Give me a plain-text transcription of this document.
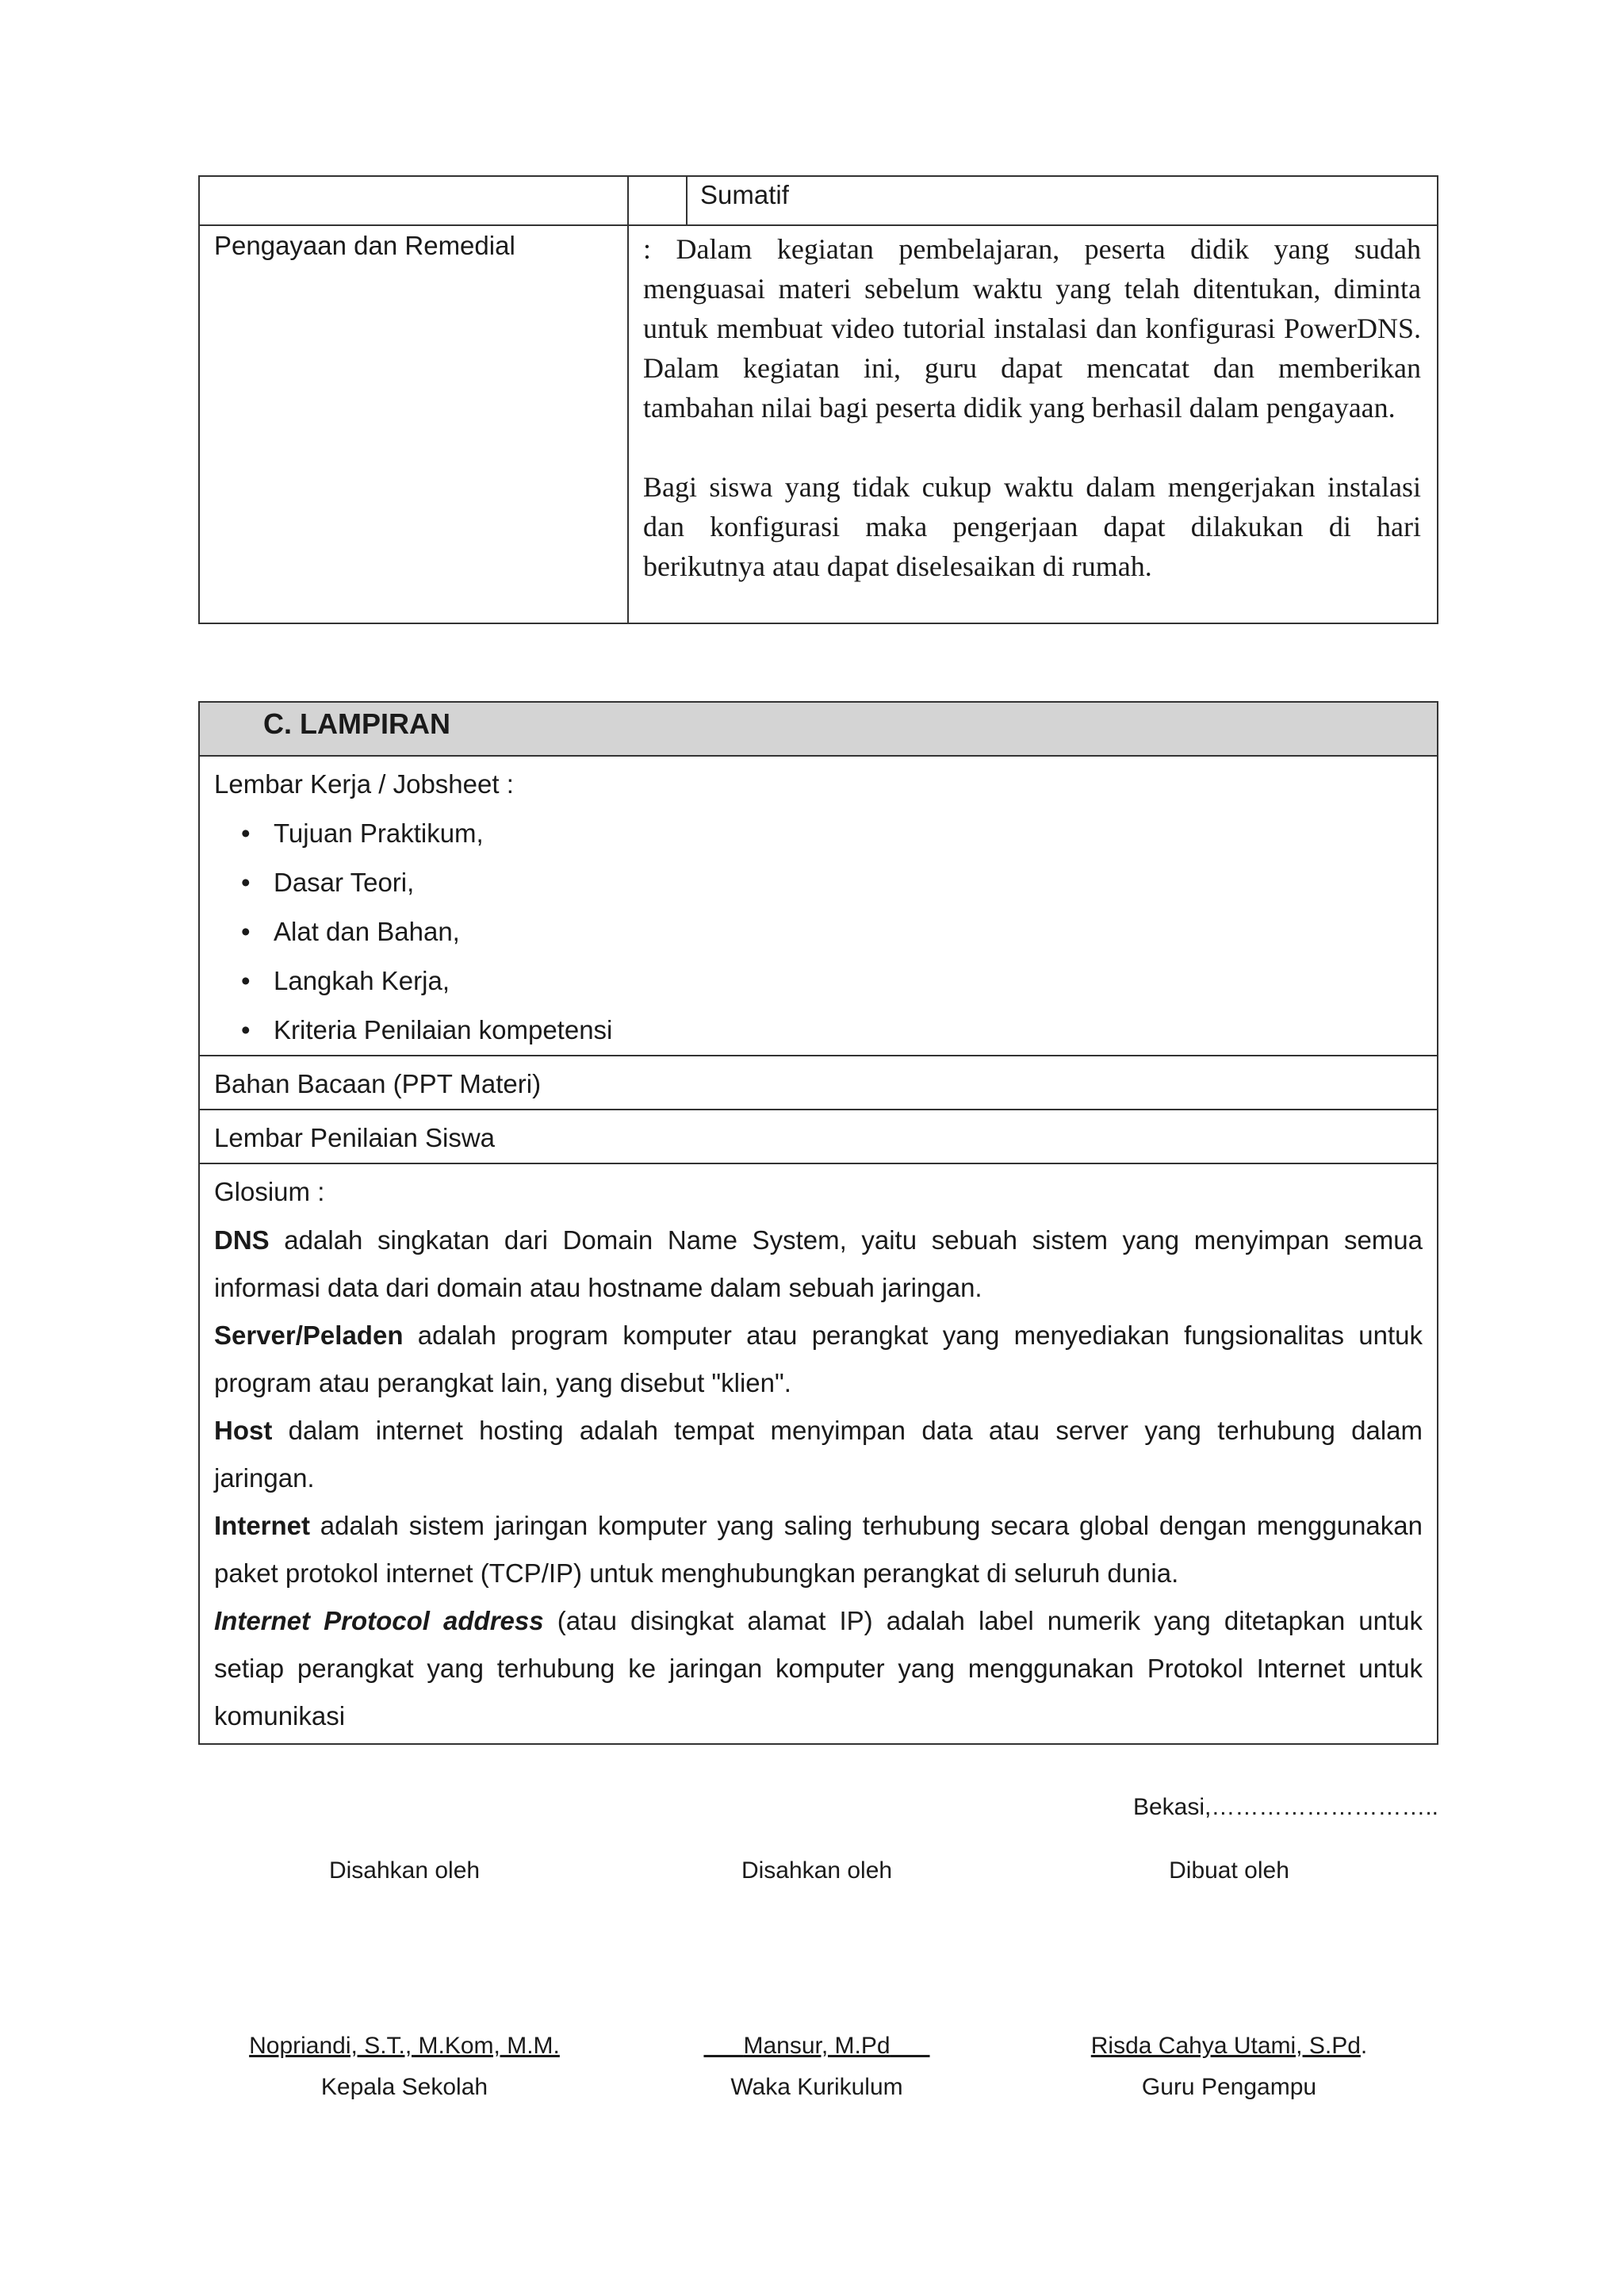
	Sumatif

Pengayaan dan Remedial	: Dalam kegiatan pembelajaran, peserta didik yang sudah menguasai materi sebelum waktu yang telah ditentukan, diminta untuk membuat video tutorial instalasi dan konfigurasi PowerDNS. Dalam kegiatan ini, guru dapat mencatat dan memberikan tambahan nilai bagi peserta didik yang berhasil dalam pengayaan.

Bagi siswa yang tidak cukup waktu dalam mengerjakan instalasi dan konfigurasi maka pengerjaan dapat dilakukan di hari berikutnya atau dapat diselesaikan di rumah.

C. LAMPIRAN

Lembar Kerja / Jobsheet :
• Tujuan Praktikum,
• Dasar Teori,
• Alat dan Bahan,
• Langkah Kerja,
• Kriteria Penilaian kompetensi

Bahan Bacaan (PPT Materi)

Lembar Penilaian Siswa

Glosium :

DNS adalah singkatan dari Domain Name System, yaitu sebuah sistem yang menyimpan semua informasi data dari domain atau hostname dalam sebuah jaringan.

Server/Peladen adalah program komputer atau perangkat yang menyediakan fungsionalitas untuk program atau perangkat lain, yang disebut "klien".

Host dalam internet hosting adalah tempat menyimpan data atau server yang terhubung dalam jaringan.

Internet adalah sistem jaringan komputer yang saling terhubung secara global dengan menggunakan paket protokol internet (TCP/IP) untuk menghubungkan perangkat di seluruh dunia.

Internet Protocol address (atau disingkat alamat IP) adalah label numerik yang ditetapkan untuk setiap perangkat yang terhubung ke jaringan komputer yang menggunakan Protokol Internet untuk komunikasi

Bekasi,………………………..
Disahkan oleh	Disahkan oleh	Dibuat oleh
Nopriandi, S.T., M.Kom, M.M.	Mansur, M.Pd	Risda Cahya Utami, S.Pd.
Kepala Sekolah	Waka Kurikulum	Guru Pengampu
